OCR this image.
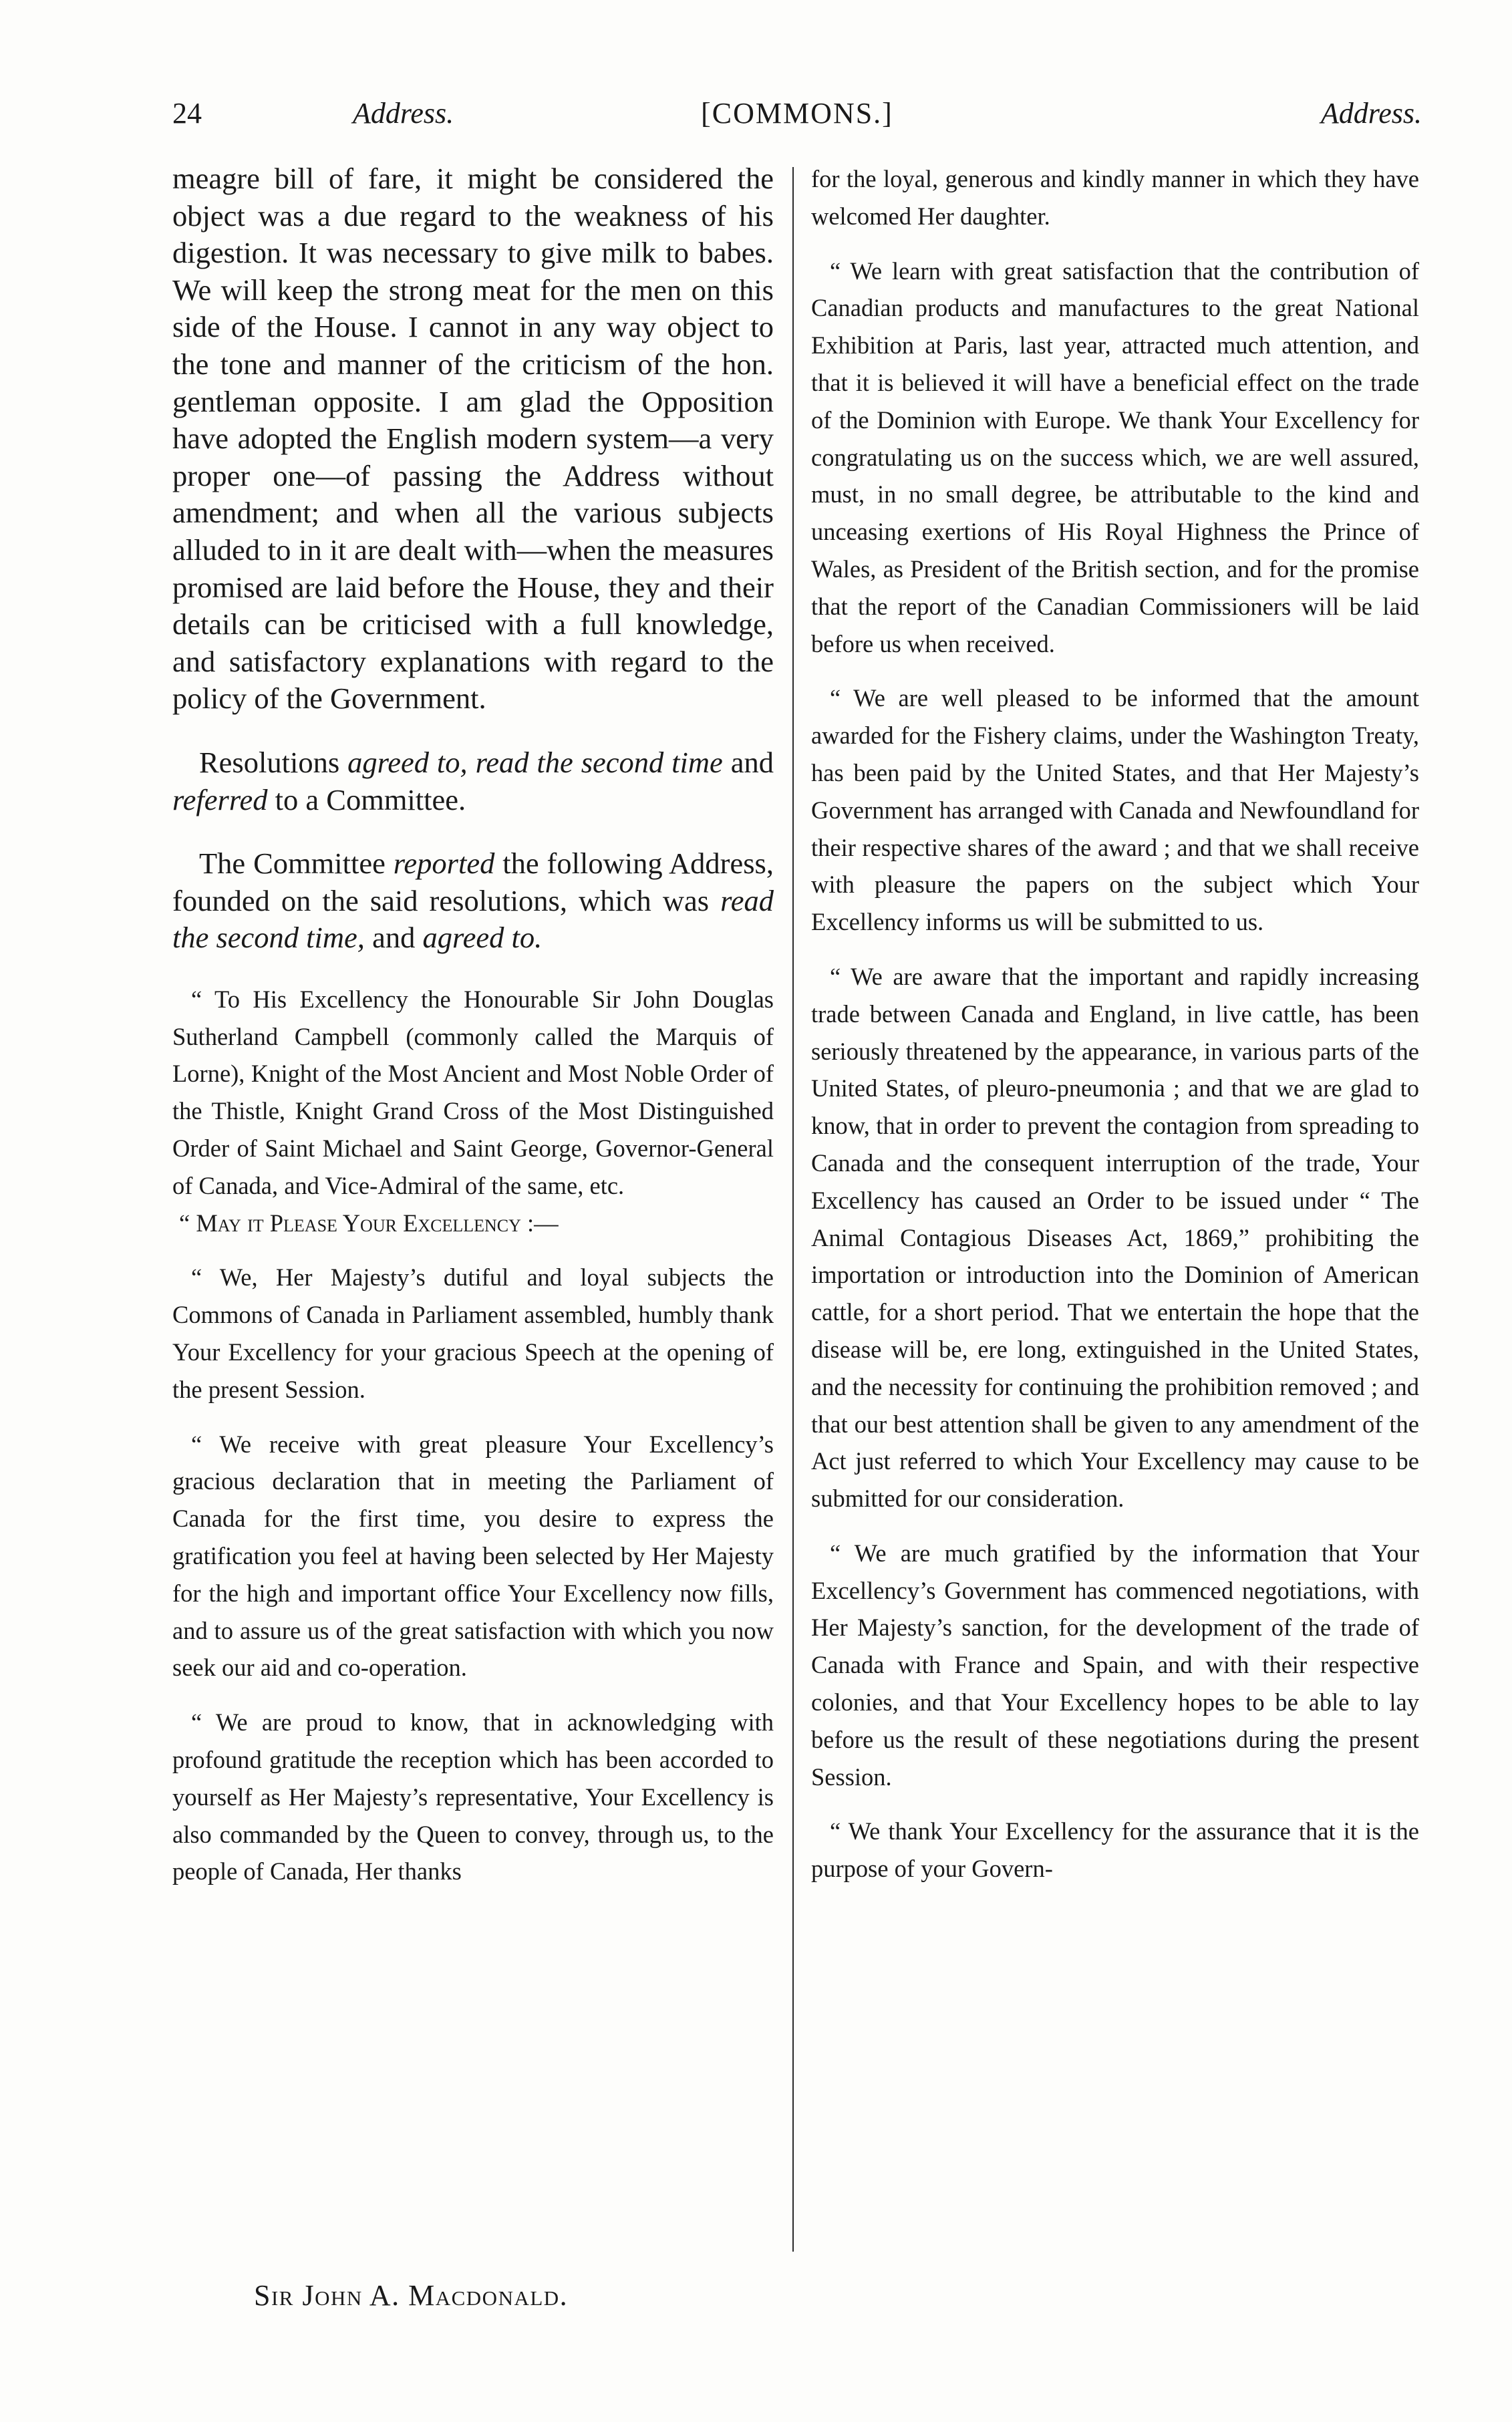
24	Address.	[COMMONS.]	Address.

meagre bill of fare, it might be considered the object was a due regard to the weakness of his digestion. It was necessary to give milk to babes. We will keep the strong meat for the men on this side of the House. I cannot in any way object to the tone and manner of the criticism of the hon. gentleman opposite. I am glad the Opposition have adopted the English modern system—a very proper one—of passing the Address without amendment; and when all the various subjects alluded to in it are dealt with—when the measures promised are laid before the House, they and their details can be criticised with a full knowledge, and satisfactory explanations with regard to the policy of the Government.

Resolutions agreed to, read the second time and referred to a Committee.

The Committee reported the following Address, founded on the said resolutions, which was read the second time, and agreed to.

“ To His Excellency the Honourable Sir John Douglas Sutherland Campbell (commonly called the Marquis of Lorne), Knight of the Most Ancient and Most Noble Order of the Thistle, Knight Grand Cross of the Most Distinguished Order of Saint Michael and Saint George, Governor-General of Canada, and Vice-Admiral of the same, etc.

“ May it Please Your Excellency :—

“ We, Her Majesty’s dutiful and loyal subjects the Commons of Canada in Parliament assembled, humbly thank Your Excellency for your gracious Speech at the opening of the present Session.

“ We receive with great pleasure Your Excellency’s gracious declaration that in meeting the Parliament of Canada for the first time, you desire to express the gratification you feel at having been selected by Her Majesty for the high and important office Your Excellency now fills, and to assure us of the great satisfaction with which you now seek our aid and co-operation.

“ We are proud to know, that in acknowledging with profound gratitude the reception which has been accorded to yourself as Her Majesty’s representative, Your Excellency is also commanded by the Queen to convey, through us, to the people of Canada, Her thanks

Sir John A. Macdonald.

for the loyal, generous and kindly manner in which they have welcomed Her daughter.

“ We learn with great satisfaction that the contribution of Canadian products and manufactures to the great National Exhibition at Paris, last year, attracted much attention, and that it is believed it will have a beneficial effect on the trade of the Dominion with Europe. We thank Your Excellency for congratulating us on the success which, we are well assured, must, in no small degree, be attributable to the kind and unceasing exertions of His Royal Highness the Prince of Wales, as President of the British section, and for the promise that the report of the Canadian Commissioners will be laid before us when received.

“ We are well pleased to be informed that the amount awarded for the Fishery claims, under the Washington Treaty, has been paid by the United States, and that Her Majesty’s Government has arranged with Canada and Newfoundland for their respective shares of the award ; and that we shall receive with pleasure the papers on the subject which Your Excellency informs us will be submitted to us.

“ We are aware that the important and rapidly increasing trade between Canada and England, in live cattle, has been seriously threatened by the appearance, in various parts of the United States, of pleuro-pneumonia ; and that we are glad to know, that in order to prevent the contagion from spreading to Canada and the consequent interruption of the trade, Your Excellency has caused an Order to be issued under “ The Animal Contagious Diseases Act, 1869,” prohibiting the importation or introduction into the Dominion of American cattle, for a short period. That we entertain the hope that the disease will be, ere long, extinguished in the United States, and the necessity for continuing the prohibition removed ; and that our best attention shall be given to any amendment of the Act just referred to which Your Excellency may cause to be submitted for our consideration.

“ We are much gratified by the information that Your Excellency’s Government has commenced negotiations, with Her Majesty’s sanction, for the development of the trade of Canada with France and Spain, and with their respective colonies, and that Your Excellency hopes to be able to lay before us the result of these negotiations during the present Session.

“ We thank Your Excellency for the assurance that it is the purpose of your Govern-
